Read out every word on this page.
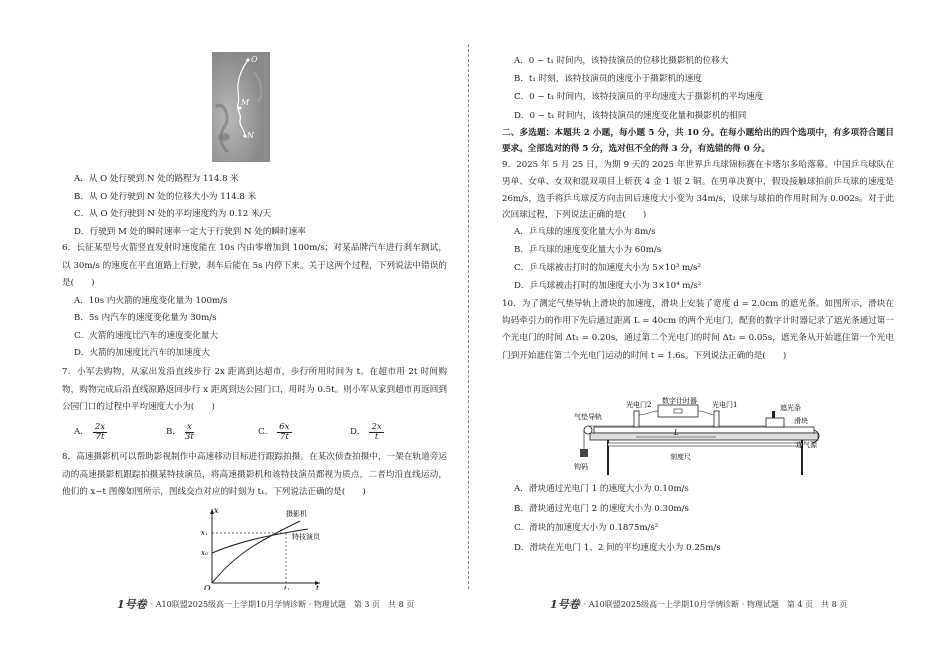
O
M
N

A．从 O 处行驶到 N 处的路程为 114.8 米

B．从 O 处行驶到 N 处的位移大小为 114.8 米

C．从 O 处行驶到 N 处的平均速度约为 0.12 米/天

D．行驶到 M 处的瞬时速率一定大于行驶到 N 处的瞬时速率

6．长征某型号火箭竖直发射时速度能在 10s 内由零增加到 100m/s；对某品牌汽车进行刹车测试，以 30m/s 的速度在平直道路上行驶，刹车后能在 5s 内停下来。关于这两个过程，下列说法中错误的是(　　)

A．10s 内火箭的速度变化量为 100m/s

B．5s 内汽车的速度变化量为 30m/s

C．火箭的速度比汽车的速度变化量大

D．火箭的加速度比汽车的加速度大

7．小军去购物，从家出发沿直线步行 2x 距离到达超市，步行所用时间为 t。在超市用 2t 时间购物，购物完成后沿直线原路返回步行 x 距离到达公园门口，用时为 0.5t。则小军从家到超市再返回到公园门口的过程中平均速度大小为(　　)

A． $\frac{2x}{7t}$	B． $\frac{x}{3t}$	C． $\frac{6x}{7t}$	D． $\frac{2x}{t}$

8．高速摄影机可以帮助影视制作中高速移动目标进行跟踪拍摄。在某次侦查拍摄中，一架在轨道旁运动的高速摄影机跟踪拍摄某特技演员，将高速摄影机和该特技演员都视为质点，二者均沿直线运动，他们的 x−t 图像如图所示，图线交点对应的时刻为 t₁。下列说法正确的是(　　)

x
t
O
x₁
x₀
t₁
摄影机
特技演员
1号卷 · A10联盟2025级高一上学期10月学情诊断 · 物理试题　第 3 页　共 8 页

A．0 ~ t₁ 时间内，该特技演员的位移比摄影机的位移大

B．t₁ 时刻，该特技演员的速度小于摄影机的速度

C．0 ~ t₁ 时间内，该特技演员的平均速度大于摄影机的平均速度

D．0 ~ t₁ 时间内，该特技演员的速度变化量和摄影机的相同

二、多选题：本题共 2 小题，每小题 5 分，共 10 分。在每小题给出的四个选项中，有多项符合题目要求。全部选对的得 5 分，选对但不全的得 3 分，有选错的得 0 分。

9．2025 年 5 月 25 日，为期 9 天的 2025 年世界乒乓球锦标赛在卡塔尔多哈落幕。中国乒乓球队在男单、女单、女双和混双项目上斩获 4 金 1 银 2 铜。在男单决赛中，假设接触球拍前乒乓球的速度是 26m/s，选手将乒乓球反方向击回后速度大小变为 34m/s，设球与球拍的作用时间为 0.002s。对于此次回球过程，下列说法正确的是(　　)

A．乒乓球的速度变化量大小为 8m/s

B．乒乓球的速度变化量大小为 60m/s

C．乒乓球被击打时的加速度大小为 5×10³ m/s²

D．乒乓球被击打时的加速度大小为 3×10⁴ m/s²

10．为了测定气垫导轨上滑块的加速度，滑块上安装了宽度 d = 2.0cm 的遮光条。如图所示，滑块在钩码牵引力的作用下先后通过距离 L = 40cm 的两个光电门，配套的数字计时器记录了遮光条通过第一个光电门的时间 Δt₁ = 0.20s，通过第二个光电门的时间 Δt₂ = 0.05s，遮光条从开始遮住第一个光电门到开始遮住第二个光电门运动的时间 t = 1.6s。下列说法正确的是(　　)

光电门2 数字计时器 光电门1	遮光条
气垫导轨	滑块
L
钩码
刻度尺
连气源

A．滑块通过光电门 1 的速度大小为 0.10m/s

B．滑块通过光电门 2 的速度大小为 0.30m/s

C．滑块的加速度大小为 0.1875m/s²

D．滑块在光电门 1、2 间的平均速度大小为 0.25m/s

1号卷 · A10联盟2025级高一上学期10月学情诊断 · 物理试题　第 4 页　共 8 页
